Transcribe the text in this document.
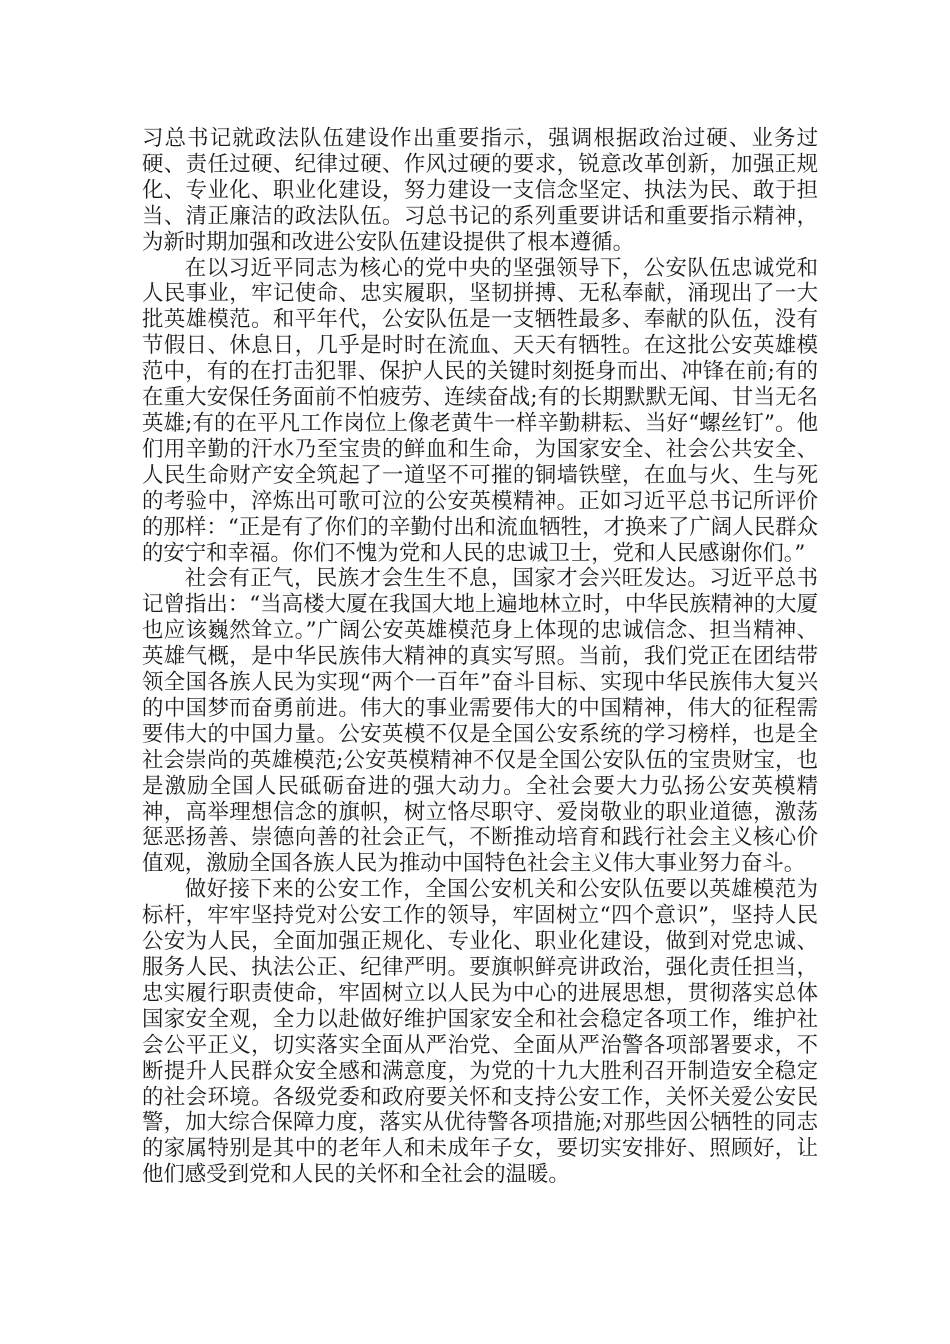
习总书记就政法队伍建设作出重要指示，强调根据政治过硬、业务过硬、责任过硬、纪律过硬、作风过硬的要求，锐意改革创新，加强正规化、专业化、职业化建设，努力建设一支信念坚定、执法为民、敢于担当、清正廉洁的政法队伍。习总书记的系列重要讲话和重要指示精神，为新时期加强和改进公安队伍建设提供了根本遵循。

在以习近平同志为核心的党中央的坚强领导下，公安队伍忠诚党和人民事业，牢记使命、忠实履职，坚韧拼搏、无私奉献，涌现出了一大批英雄模范。和平年代，公安队伍是一支牺牲最多、奉献的队伍，没有节假日、休息日，几乎是时时在流血、天天有牺牲。在这批公安英雄模范中，有的在打击犯罪、保护人民的关键时刻挺身而出、冲锋在前;有的在重大安保任务面前不怕疲劳、连续奋战;有的长期默默无闻、甘当无名英雄;有的在平凡工作岗位上像老黄牛一样辛勤耕耘、当好“螺丝钉”。他们用辛勤的汗水乃至宝贵的鲜血和生命，为国家安全、社会公共安全、人民生命财产安全筑起了一道坚不可摧的铜墙铁壁，在血与火、生与死的考验中，淬炼出可歌可泣的公安英模精神。正如习近平总书记所评价的那样：“正是有了你们的辛勤付出和流血牺牲，才换来了广阔人民群众的安宁和幸福。你们不愧为党和人民的忠诚卫士，党和人民感谢你们。”

社会有正气，民族才会生生不息，国家才会兴旺发达。习近平总书记曾指出：“当高楼大厦在我国大地上遍地林立时，中华民族精神的大厦也应该巍然耸立。”广阔公安英雄模范身上体现的忠诚信念、担当精神、英雄气概，是中华民族伟大精神的真实写照。当前，我们党正在团结带领全国各族人民为实现“两个一百年”奋斗目标、实现中华民族伟大复兴的中国梦而奋勇前进。伟大的事业需要伟大的中国精神，伟大的征程需要伟大的中国力量。公安英模不仅是全国公安系统的学习榜样，也是全社会崇尚的英雄模范;公安英模精神不仅是全国公安队伍的宝贵财宝，也是激励全国人民砥砺奋进的强大动力。全社会要大力弘扬公安英模精神，高举理想信念的旗帜，树立恪尽职守、爱岗敬业的职业道德，激荡惩恶扬善、崇德向善的社会正气，不断推动培育和践行社会主义核心价值观，激励全国各族人民为推动中国特色社会主义伟大事业努力奋斗。

做好接下来的公安工作，全国公安机关和公安队伍要以英雄模范为标杆，牢牢坚持党对公安工作的领导，牢固树立“四个意识”，坚持人民公安为人民，全面加强正规化、专业化、职业化建设，做到对党忠诚、服务人民、执法公正、纪律严明。要旗帜鲜亮讲政治，强化责任担当，忠实履行职责使命，牢固树立以人民为中心的进展思想，贯彻落实总体国家安全观，全力以赴做好维护国家安全和社会稳定各项工作，维护社会公平正义，切实落实全面从严治党、全面从严治警各项部署要求，不断提升人民群众安全感和满意度，为党的十九大胜利召开制造安全稳定的社会环境。各级党委和政府要关怀和支持公安工作，关怀关爱公安民警，加大综合保障力度，落实从优待警各项措施;对那些因公牺牲的同志的家属特别是其中的老年人和未成年子女，要切实安排好、照顾好，让他们感受到党和人民的关怀和全社会的温暖。
